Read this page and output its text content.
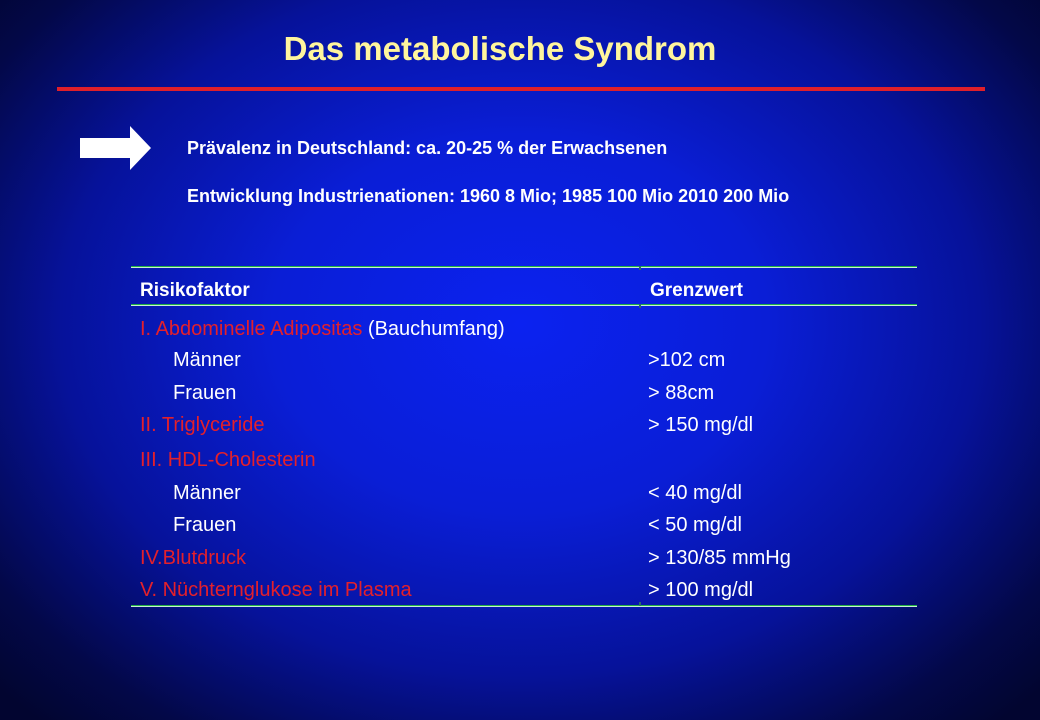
Das metabolische Syndrom
Prävalenz in Deutschland: ca. 20-25 % der Erwachsenen
Entwicklung Industrienationen: 1960 8 Mio; 1985 100 Mio 2010 200 Mio
Risikofaktor	Grenzwert
I. Abdominelle Adipositas (Bauchumfang)
Männer	>102 cm
Frauen	> 88cm
II. Triglyceride	> 150 mg/dl
III. HDL-Cholesterin
Männer	< 40 mg/dl
Frauen	< 50 mg/dl
IV.Blutdruck	> 130/85 mmHg
V. Nüchternglukose im Plasma	> 100 mg/dl
